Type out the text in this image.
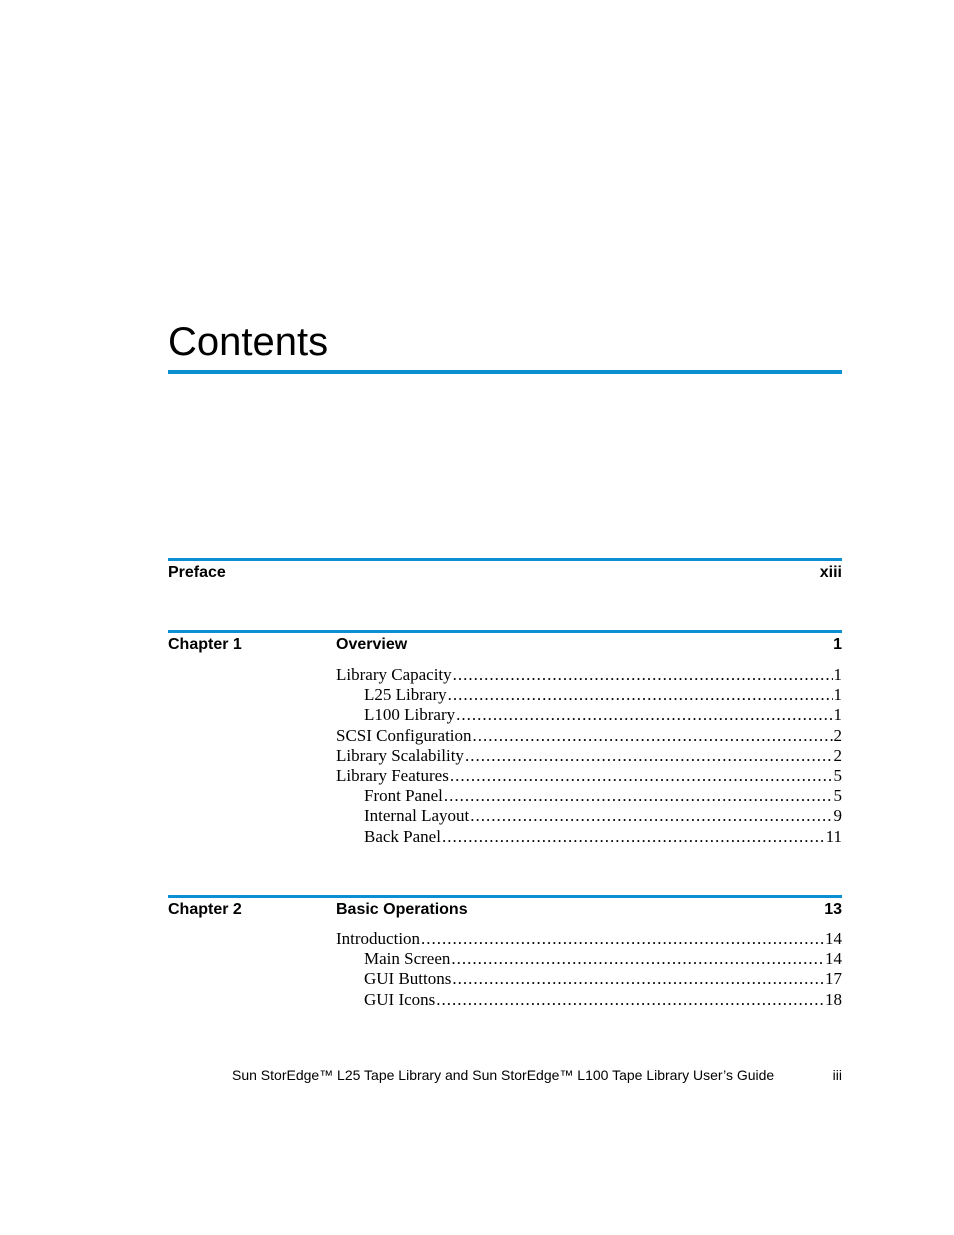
Contents
Preface	xiii
Chapter 1	Overview	1
Library Capacity .....	1
L25 Library .....	1
L100 Library .....	1
SCSI Configuration .....	2
Library Scalability .....	2
Library Features .....	5
Front Panel .....	5
Internal Layout .....	9
Back Panel .....	11
Chapter 2	Basic Operations	13
Introduction .....	14
Main Screen .....	14
GUI Buttons .....	17
GUI Icons .....	18
Sun StorEdge™ L25 Tape Library and Sun StorEdge™ L100 Tape Library User’s Guide	iii
